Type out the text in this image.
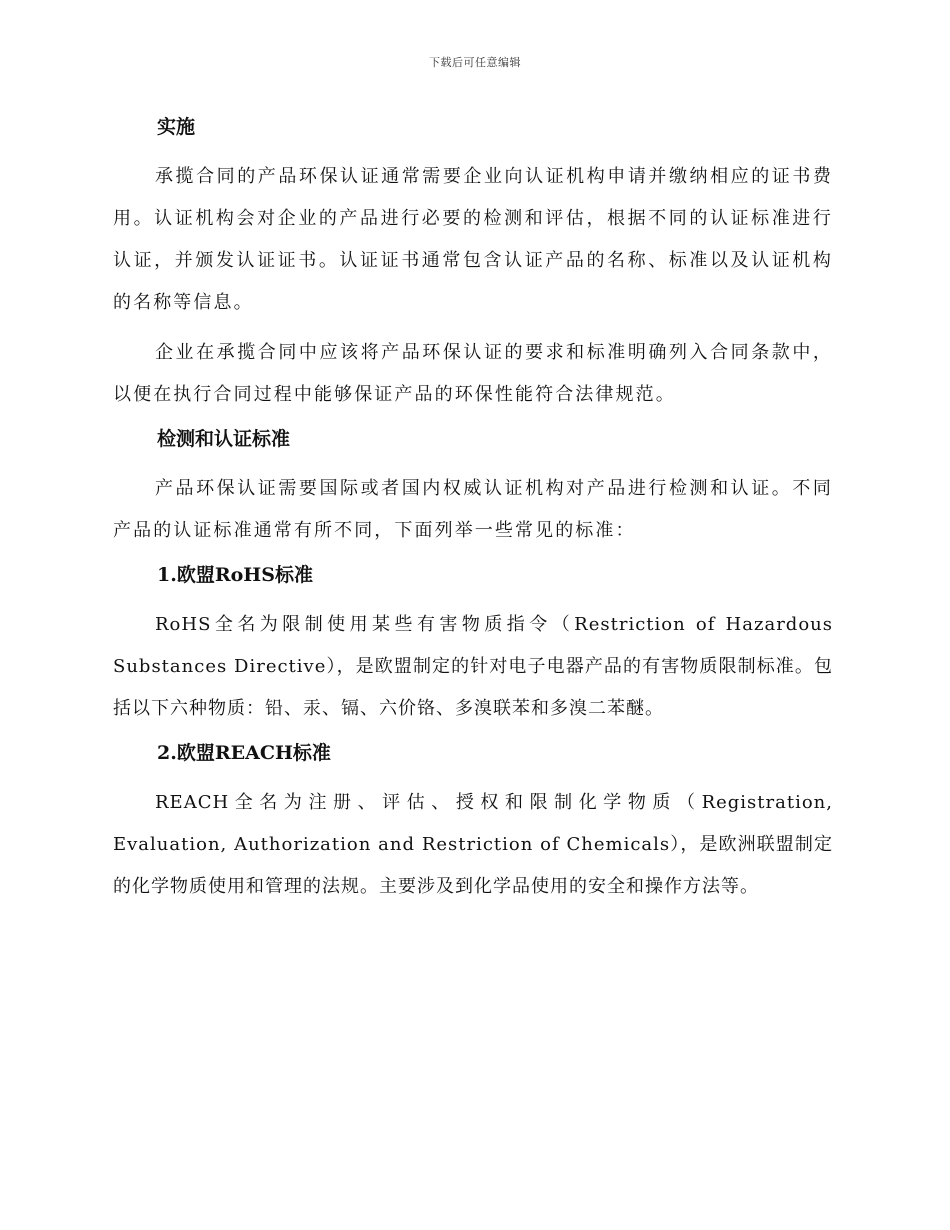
下载后可任意编辑
实施

承揽合同的产品环保认证通常需要企业向认证机构申请并缴纳相应的证书费用。认证机构会对企业的产品进行必要的检测和评估，根据不同的认证标准进行认证，并颁发认证证书。认证证书通常包含认证产品的名称、标准以及认证机构的名称等信息。

企业在承揽合同中应该将产品环保认证的要求和标准明确列入合同条款中，以便在执行合同过程中能够保证产品的环保性能符合法律规范。

检测和认证标准

产品环保认证需要国际或者国内权威认证机构对产品进行检测和认证。不同产品的认证标准通常有所不同，下面列举一些常见的标准：

1.欧盟RoHS标准

RoHS全名为限制使用某些有害物质指令（Restriction of Hazardous Substances Directive），是欧盟制定的针对电子电器产品的有害物质限制标准。包括以下六种物质：铅、汞、镉、六价铬、多溴联苯和多溴二苯醚。

2.欧盟REACH标准

REACH全名为注册、评估、授权和限制化学物质（Registration, Evaluation, Authorization and Restriction of Chemicals），是欧洲联盟制定的化学物质使用和管理的法规。主要涉及到化学品使用的安全和操作方法等。
